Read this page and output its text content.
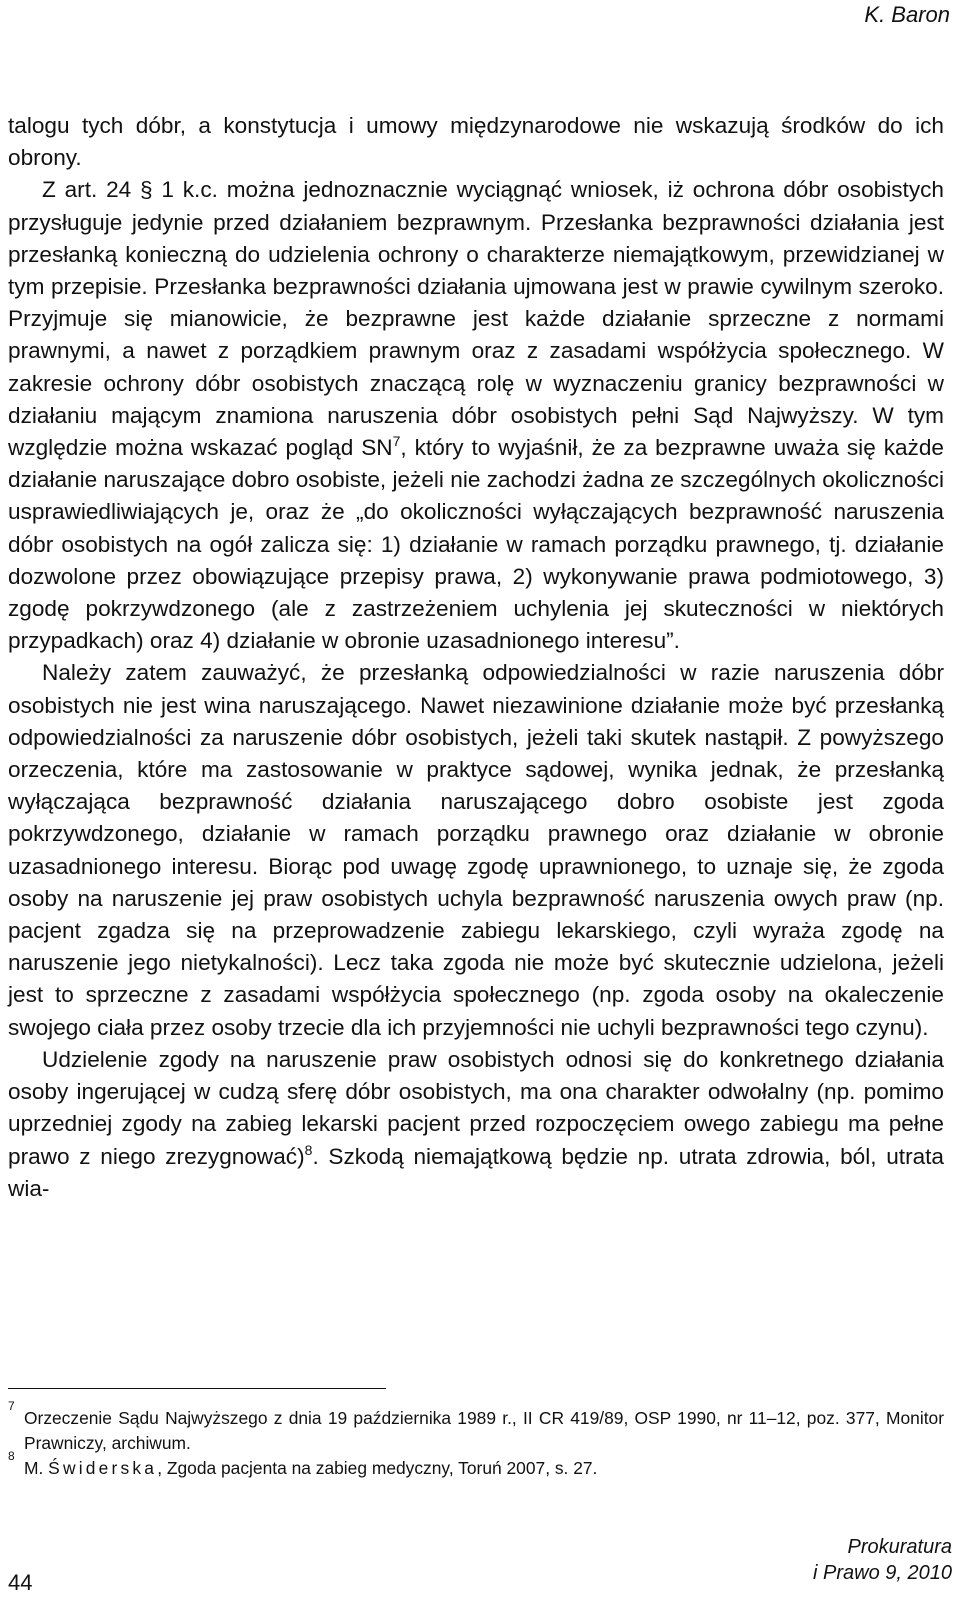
K. Baron

talogu tych dóbr, a konstytucja i umowy międzynarodowe nie wskazują środków do ich obrony.

Z art. 24 § 1 k.c. można jednoznacznie wyciągnąć wniosek, iż ochrona dóbr osobistych przysługuje jedynie przed działaniem bezprawnym. Przesłanka bezprawności działania jest przesłanką konieczną do udzielenia ochrony o charakterze niemajątkowym, przewidzianej w tym przepisie. Przesłanka bezprawności działania ujmowana jest w prawie cywilnym szeroko. Przyjmuje się mianowicie, że bezprawne jest każde działanie sprzeczne z normami prawnymi, a nawet z porządkiem prawnym oraz z zasadami współżycia społecznego. W zakresie ochrony dóbr osobistych znaczącą rolę w wyznaczeniu granicy bezprawności w działaniu mającym znamiona naruszenia dóbr osobistych pełni Sąd Najwyższy. W tym względzie można wskazać pogląd $SN^7$, który to wyjaśnił, że za bezprawne uważa się każde działanie naruszające dobro osobiste, jeżeli nie zachodzi żadna ze szczególnych okoliczności usprawiedliwiających je, oraz że „do okoliczności wyłączających bezprawność naruszenia dóbr osobistych na ogół zalicza się: 1) działanie w ramach porządku prawnego, tj. działanie dozwolone przez obowiązujące przepisy prawa, 2) wykonywanie prawa podmiotowego, 3) zgodę pokrzywdzonego (ale z zastrzeżeniem uchylenia jej skuteczności w niektórych przypadkach) oraz 4) działanie w obronie uzasadnionego interesu”.

Należy zatem zauważyć, że przesłanką odpowiedzialności w razie naruszenia dóbr osobistych nie jest wina naruszającego. Nawet niezawinione działanie może być przesłanką odpowiedzialności za naruszenie dóbr osobistych, jeżeli taki skutek nastąpił. Z powyższego orzeczenia, które ma zastosowanie w praktyce sądowej, wynika jednak, że przesłanką wyłączająca bezprawność działania naruszającego dobro osobiste jest zgoda pokrzywdzonego, działanie w ramach porządku prawnego oraz działanie w obronie uzasadnionego interesu. Biorąc pod uwagę zgodę uprawnionego, to uznaje się, że zgoda osoby na naruszenie jej praw osobistych uchyla bezprawność naruszenia owych praw (np. pacjent zgadza się na przeprowadzenie zabiegu lekarskiego, czyli wyraża zgodę na naruszenie jego nietykalności). Lecz taka zgoda nie może być skutecznie udzielona, jeżeli jest to sprzeczne z zasadami współżycia społecznego (np. zgoda osoby na okaleczenie swojego ciała przez osoby trzecie dla ich przyjemności nie uchyli bezprawności tego czynu).

Udzielenie zgody na naruszenie praw osobistych odnosi się do konkretnego działania osoby ingerującej w cudzą sferę dóbr osobistych, ma ona charakter odwołalny (np. pomimo uprzedniej zgody na zabieg lekarski pacjent przed rozpoczęciem owego zabiegu ma pełne prawo z niego zrezygnować)$^8$. Szkodą niemajątkową będzie np. utrata zdrowia, ból, utrata wia-

7
Orzeczenie Sądu Najwyższego z dnia 19 października 1989 r., II CR 419/89, OSP 1990, nr 11–12, poz. 377, Monitor Prawniczy, archiwum.
8
M. Świderska, Zgoda pacjenta na zabieg medyczny, Toruń 2007, s. 27.
44
Prokuratura
i Prawo 9, 2010
